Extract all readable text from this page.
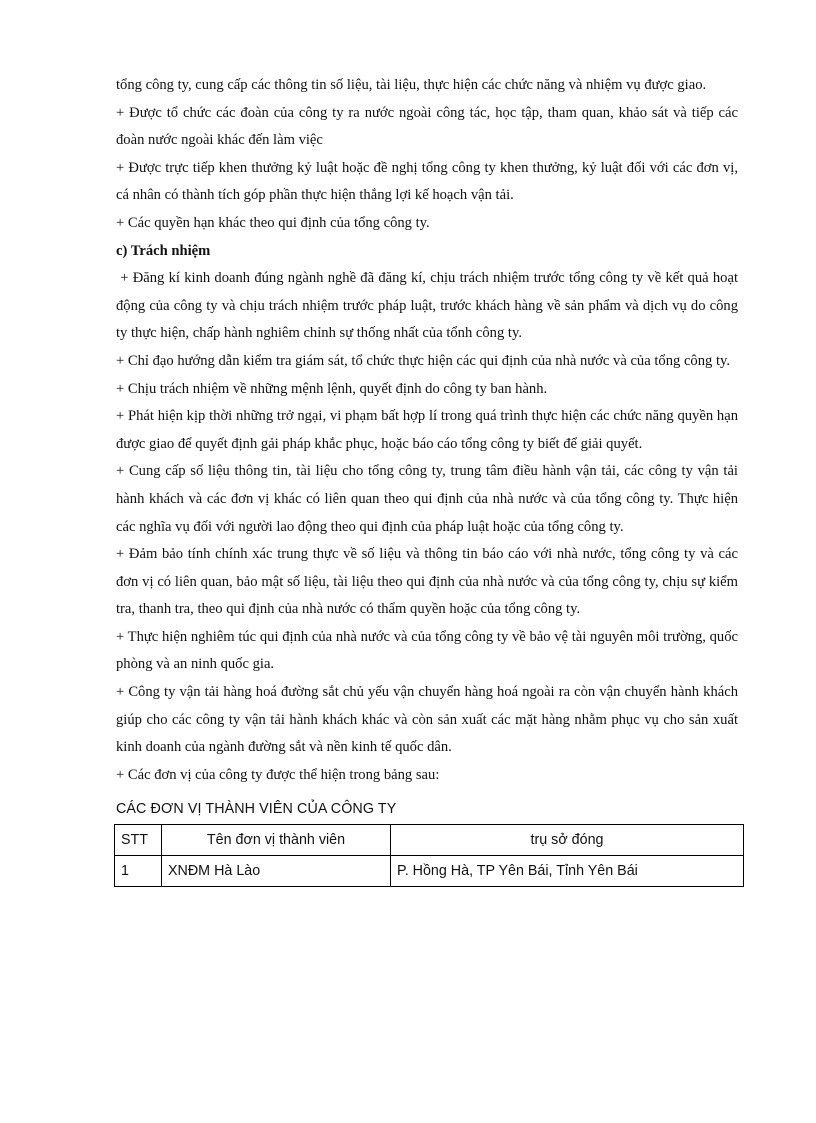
tổng công ty, cung cấp các thông tin số liệu, tài liệu, thực hiện các chức năng và nhiệm vụ được giao.

+ Được tổ chức các đoàn của công ty ra nước ngoài công tác, học tập, tham quan, khảo sát và tiếp các đoàn nước ngoài khác đến làm việc

+ Được trực tiếp khen thưởng kỷ luật hoặc đề nghị tổng công ty khen thưởng, kỷ luật đối với các đơn vị, cá nhân có thành tích góp phần thực hiện thắng lợi kế hoạch vận tải.

+ Các quyền hạn khác theo qui định của tổng công ty.

c) Trách nhiệm

+ Đăng kí kinh doanh đúng ngành nghề đã đăng kí, chịu trách nhiệm trước tổng công ty về kết quả hoạt động của công ty và chịu trách nhiệm trước pháp luật, trước khách hàng về sản phẩm và dịch vụ do công ty thực hiện, chấp hành nghiêm chỉnh sự thống nhất của tổnh công ty.

+ Chỉ đạo hướng dẫn kiểm tra giám sát, tổ chức thực hiện các qui định của nhà nước và của tổng công ty.

+ Chịu trách nhiệm về những mệnh lệnh, quyết định do công ty ban hành.

+ Phát hiện kịp thời những trở ngại, vi phạm bất hợp lí trong quá trình thực hiện các chức năng quyền hạn được giao để quyết định gải pháp khắc phục, hoặc báo cáo tổng công ty biết để giải quyết.

+ Cung cấp số liệu thông tin, tài liệu cho tổng công ty, trung tâm điều hành vận tải, các công ty vận tải hành khách và các đơn vị khác có liên quan theo qui định của nhà nước và của tổng công ty. Thực hiện các nghĩa vụ đối với người lao động theo qui định của pháp luật hoặc của tổng công ty.

+ Đảm bảo tính chính xác trung thực về số liệu và thông tin báo cáo với nhà nước, tổng công ty và các đơn vị có liên quan, bảo mật số liệu, tài liệu theo qui định của nhà nước và của tổng công ty, chịu sự kiểm tra, thanh tra, theo qui định của nhà nước có thẩm quyền hoặc của tổng công ty.

+ Thực hiện nghiêm túc qui định của nhà nước và của tổng công ty về bảo vệ tài nguyên môi trường, quốc phòng và an ninh quốc gia.

+ Công ty vận tải hàng hoá đường sắt chủ yếu vận chuyển hàng hoá ngoài ra còn vận chuyển hành khách giúp cho các công ty vận tải hành khách khác và còn sản xuất các mặt hàng nhằm phục vụ cho sản xuất kinh doanh của ngành đường sắt và nền kinh tế quốc dân.

+ Các đơn vị của công ty được thể hiện trong bảng sau:

CÁC ĐƠN VỊ THÀNH VIÊN CỦA CÔNG TY
STT	Tên đơn vị thành viên	trụ sở đóng
1	XNĐM Hà Lào	P. Hồng Hà, TP Yên Bái, Tỉnh Yên Bái
